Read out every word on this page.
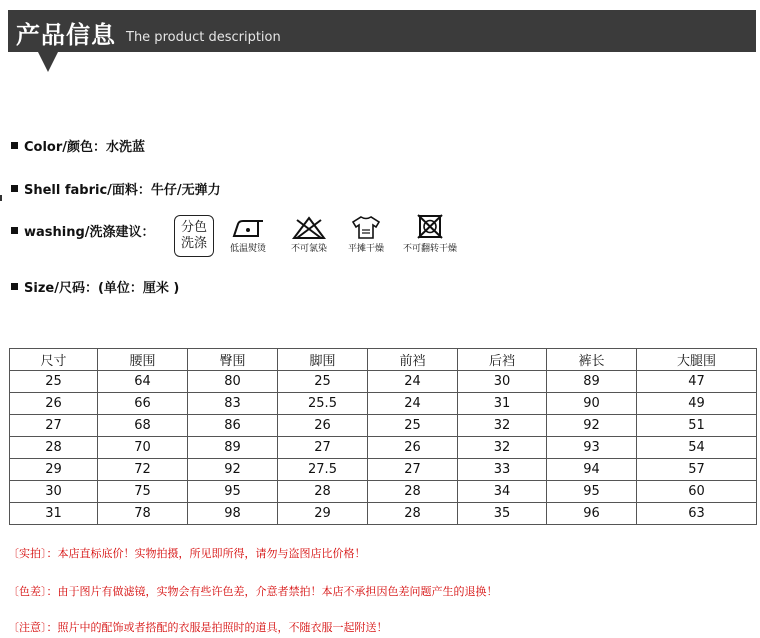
产品信息 The product description
Color/颜色：水洗蓝
Shell fabric/面料：牛仔/无弹力
washing/洗涤建议：
Size/尺码：(单位：厘米 )
分色
洗涤	低温熨烫	不可氯染 平摊干燥 不可翻转干燥
尺寸	腰围	臀围	脚围	前裆	后裆	裤长	大腿围
25	64	80	25	24	30	89	47
26	66	83	25.5	24	31	90	49
27	68	86	26	25	32	92	51
28	70	89	27	26	32	93	54
29	72	92	27.5	27	33	94	57
30	75	95	28	28	34	95	60
31	78	98	29	28	35	96	63
〔实拍〕：本店直标底价！实物拍摄，所见即所得，请勿与盗图店比价格！
〔色差〕：由于图片有做滤镜，实物会有些许色差，介意者禁拍！本店不承担因色差问题产生的退换！
〔注意〕：照片中的配饰或者搭配的衣服是拍照时的道具，不随衣服一起附送！
